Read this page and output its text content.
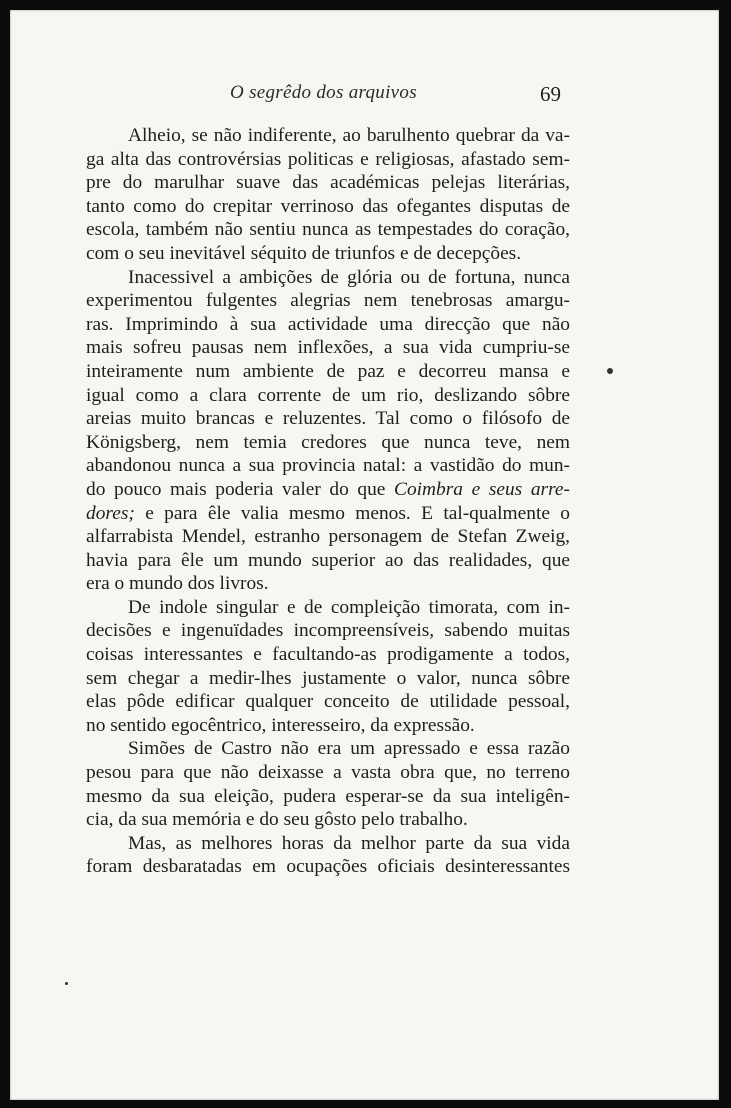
O segrêdo dos arquivos	69
Alheio, se não indiferente, ao barulhento quebrar da va-
ga alta das controvérsias politicas e religiosas, afastado sem-
pre do marulhar suave das académicas pelejas literárias,
tanto como do crepitar verrinoso das ofegantes disputas de
escola, também não sentiu nunca as tempestades do coração,
com o seu inevitável séquito de triunfos e de decepções.
Inacessivel a ambições de glória ou de fortuna, nunca
experimentou fulgentes alegrias nem tenebrosas amargu-
ras. Imprimindo à sua actividade uma direcção que não
mais sofreu pausas nem inflexões, a sua vida cumpriu-se
inteiramente num ambiente de paz e decorreu mansa e
igual como a clara corrente de um rio, deslizando sôbre
areias muito brancas e reluzentes. Tal como o filósofo de
Königsberg, nem temia credores que nunca teve, nem
abandonou nunca a sua provincia natal: a vastidão do mun-
do pouco mais poderia valer do que Coimbra e seus arre-
dores; e para êle valia mesmo menos. E tal-qualmente o
alfarrabista Mendel, estranho personagem de Stefan Zweig,
havia para êle um mundo superior ao das realidades, que
era o mundo dos livros.
De indole singular e de compleição timorata, com in-
decisões e ingenuïdades incompreensíveis, sabendo muitas
coisas interessantes e facultando-as prodigamente a todos,
sem chegar a medir-lhes justamente o valor, nunca sôbre
elas pôde edificar qualquer conceito de utilidade pessoal,
no sentido egocêntrico, interesseiro, da expressão.
Simões de Castro não era um apressado e essa razão
pesou para que não deixasse a vasta obra que, no terreno
mesmo da sua eleição, pudera esperar-se da sua inteligên-
cia, da sua memória e do seu gôsto pelo trabalho.
Mas, as melhores horas da melhor parte da sua vida
foram desbaratadas em ocupações oficiais desinteressantes
